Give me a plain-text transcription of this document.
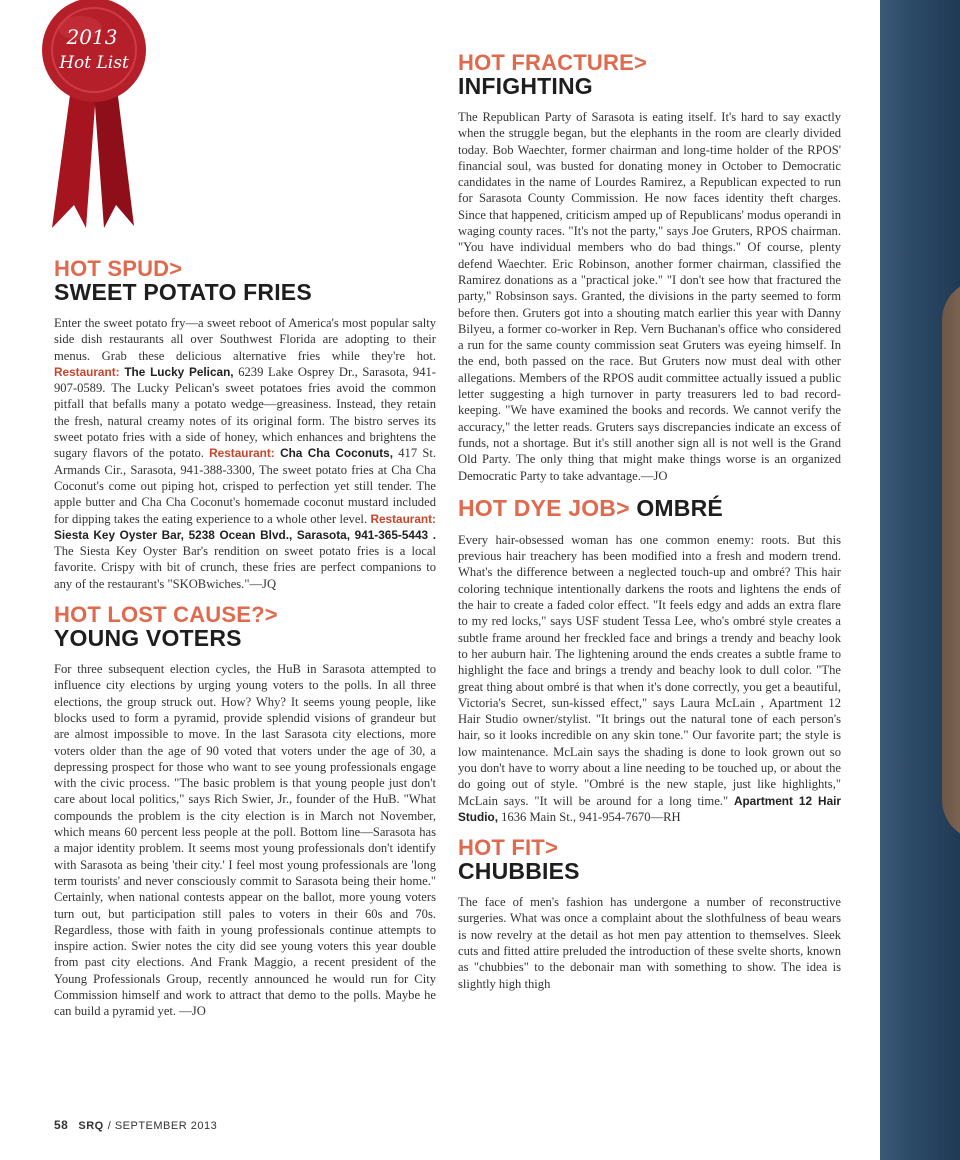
2013
Hot List
HOT SPUD>
SWEET POTATO FRIES

Enter the sweet potato fry—a sweet reboot of America's most popular salty side dish restaurants all over Southwest Florida are adopting to their menus. Grab these delicious alternative fries while they're hot. Restaurant: The Lucky Pelican, 6239 Lake Osprey Dr., Sarasota, 941-907-0589. The Lucky Pelican's sweet potatoes fries avoid the common pitfall that befalls many a potato wedge—greasiness. Instead, they retain the fresh, natural creamy notes of its original form. The bistro serves its sweet potato fries with a side of honey, which enhances and brightens the sugary flavors of the potato. Restaurant: Cha Cha Coconuts, 417 St. Armands Cir., Sarasota, 941-388-3300, The sweet potato fries at Cha Cha Coconut's come out piping hot, crisped to perfection yet still tender. The apple butter and Cha Cha Coconut's homemade coconut mustard included for dipping takes the eating experience to a whole other level. Restaurant: Siesta Key Oyster Bar, 5238 Ocean Blvd., Sarasota, 941-365-5443 . The Siesta Key Oyster Bar's rendition on sweet potato fries is a local favorite. Crispy with bit of crunch, these fries are perfect companions to any of the restaurant's "SKOBwiches."—JQ

HOT LOST CAUSE?>
YOUNG VOTERS

For three subsequent election cycles, the HuB in Sarasota attempted to influence city elections by urging young voters to the polls. In all three elections, the group struck out. How? Why? It seems young people, like blocks used to form a pyramid, provide splendid visions of grandeur but are almost impossible to move. In the last Sarasota city elections, more voters older than the age of 90 voted that voters under the age of 30, a depressing prospect for those who want to see young professionals engage with the civic process. "The basic problem is that young people just don't care about local politics," says Rich Swier, Jr., founder of the HuB. "What compounds the problem is the city election is in March not November, which means 60 percent less people at the poll. Bottom line—Sarasota has a major identity problem. It seems most young professionals don't identify with Sarasota as being 'their city.' I feel most young professionals are 'long term tourists' and never consciously commit to Sarasota being their home." Certainly, when national contests appear on the ballot, more young voters turn out, but participation still pales to voters in their 60s and 70s. Regardless, those with faith in young professionals continue attempts to inspire action. Swier notes the city did see young voters this year double from past city elections. And Frank Maggio, a recent president of the Young Professionals Group, recently announced he would run for City Commission himself and work to attract that demo to the polls. Maybe he can build a pyramid yet. —JO

HOT FRACTURE>
INFIGHTING

The Republican Party of Sarasota is eating itself. It's hard to say exactly when the struggle began, but the elephants in the room are clearly divided today. Bob Waechter, former chairman and long-time holder of the RPOS' financial soul, was busted for donating money in October to Democratic candidates in the name of Lourdes Ramirez, a Republican expected to run for Sarasota County Commission. He now faces identity theft charges. Since that happened, criticism amped up of Republicans' modus operandi in waging county races. "It's not the party," says Joe Gruters, RPOS chairman. "You have individual members who do bad things." Of course, plenty defend Waechter. Eric Robinson, another former chairman, classified the Ramirez donations as a "practical joke." "I don't see how that fractured the party," Robsinson says. Granted, the divisions in the party seemed to form before then. Gruters got into a shouting match earlier this year with Danny Bilyeu, a former co-worker in Rep. Vern Buchanan's office who considered a run for the same county commission seat Gruters was eyeing himself. In the end, both passed on the race. But Gruters now must deal with other allegations. Members of the RPOS audit committee actually issued a public letter suggesting a high turnover in party treasurers led to bad record-keeping. "We have examined the books and records. We cannot verify the accuracy," the letter reads. Gruters says discrepancies indicate an excess of funds, not a shortage. But it's still another sign all is not well is the Grand Old Party. The only thing that might make things worse is an organized Democratic Party to take advantage.—JO

HOT DYE JOB> OMBRÉ

Every hair-obsessed woman has one common enemy: roots. But this previous hair treachery has been modified into a fresh and modern trend. What's the difference between a neglected touch-up and ombré? This hair coloring technique intentionally darkens the roots and lightens the ends of the hair to create a faded color effect. "It feels edgy and adds an extra flare to my red locks," says USF student Tessa Lee, who's ombré style creates a subtle frame around her freckled face and brings a trendy and beachy look to her auburn hair. The lightening around the ends creates a subtle frame to highlight the face and brings a trendy and beachy look to dull color. "The great thing about ombré is that when it's done correctly, you get a beautiful, Victoria's Secret, sun-kissed effect," says Laura McLain , Apartment 12 Hair Studio owner/stylist. "It brings out the natural tone of each person's hair, so it looks incredible on any skin tone." Our favorite part; the style is low maintenance. McLain says the shading is done to look grown out so you don't have to worry about a line needing to be touched up, or about the do going out of style. "Ombré is the new staple, just like highlights," McLain says. "It will be around for a long time." Apartment 12 Hair Studio, 1636 Main St., 941-954-7670—RH

HOT FIT>
CHUBBIES

The face of men's fashion has undergone a number of reconstructive surgeries. What was once a complaint about the slothfulness of beau wears is now revelry at the detail as hot men pay attention to themselves. Sleek cuts and fitted attire preluded the introduction of these svelte shorts, known as "chubbies" to the debonair man with something to show. The idea is slightly high thigh

58 SRQ / SEPTEMBER 2013
